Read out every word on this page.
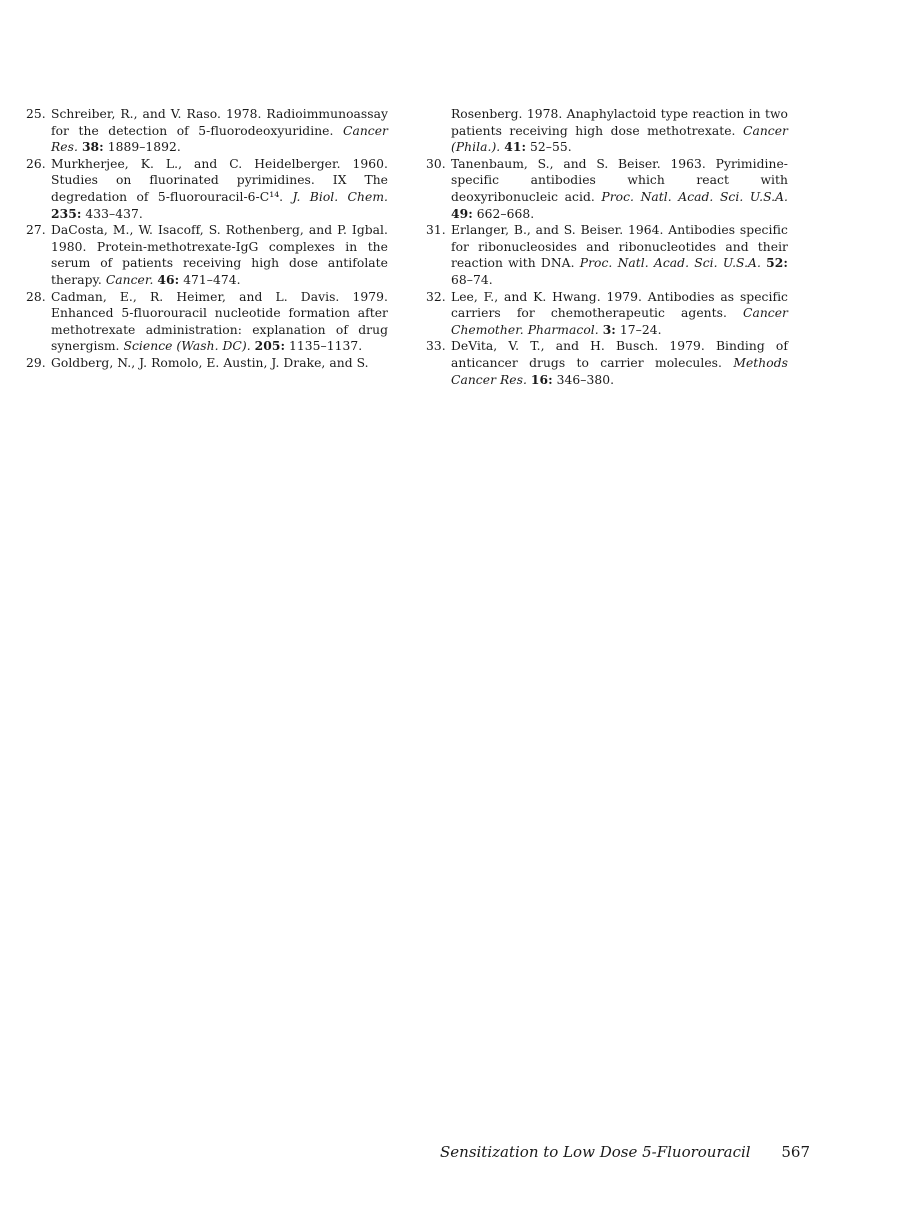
25. Schreiber, R., and V. Raso. 1978. Radioimmunoassay for the detection of 5-fluorodeoxyuridine. Cancer Res. 38: 1889–1892.
26. Murkherjee, K. L., and C. Heidelberger. 1960. Studies on fluorinated pyrimidines. IX The degredation of 5-fluorouracil-6-C¹⁴. J. Biol. Chem. 235: 433–437.
27. DaCosta, M., W. Isacoff, S. Rothenberg, and P. Igbal. 1980. Protein-methotrexate-IgG complexes in the serum of patients receiving high dose antifolate therapy. Cancer. 46: 471–474.
28. Cadman, E., R. Heimer, and L. Davis. 1979. Enhanced 5-fluorouracil nucleotide formation after methotrexate administration: explanation of drug synergism. Science (Wash. DC). 205: 1135–1137.
29. Goldberg, N., J. Romolo, E. Austin, J. Drake, and S.
Rosenberg. 1978. Anaphylactoid type reaction in two patients receiving high dose methotrexate. Cancer (Phila.). 41: 52–55.
30. Tanenbaum, S., and S. Beiser. 1963. Pyrimidine-specific antibodies which react with deoxyribonucleic acid. Proc. Natl. Acad. Sci. U.S.A. 49: 662–668.
31. Erlanger, B., and S. Beiser. 1964. Antibodies specific for ribonucleosides and ribonucleotides and their reaction with DNA. Proc. Natl. Acad. Sci. U.S.A. 52: 68–74.
32. Lee, F., and K. Hwang. 1979. Antibodies as specific carriers for chemotherapeutic agents. Cancer Chemother. Pharmacol. 3: 17–24.
33. DeVita, V. T., and H. Busch. 1979. Binding of anticancer drugs to carrier molecules. Methods Cancer Res. 16: 346–380.
Sensitization to Low Dose 5-Fluorouracil 567
